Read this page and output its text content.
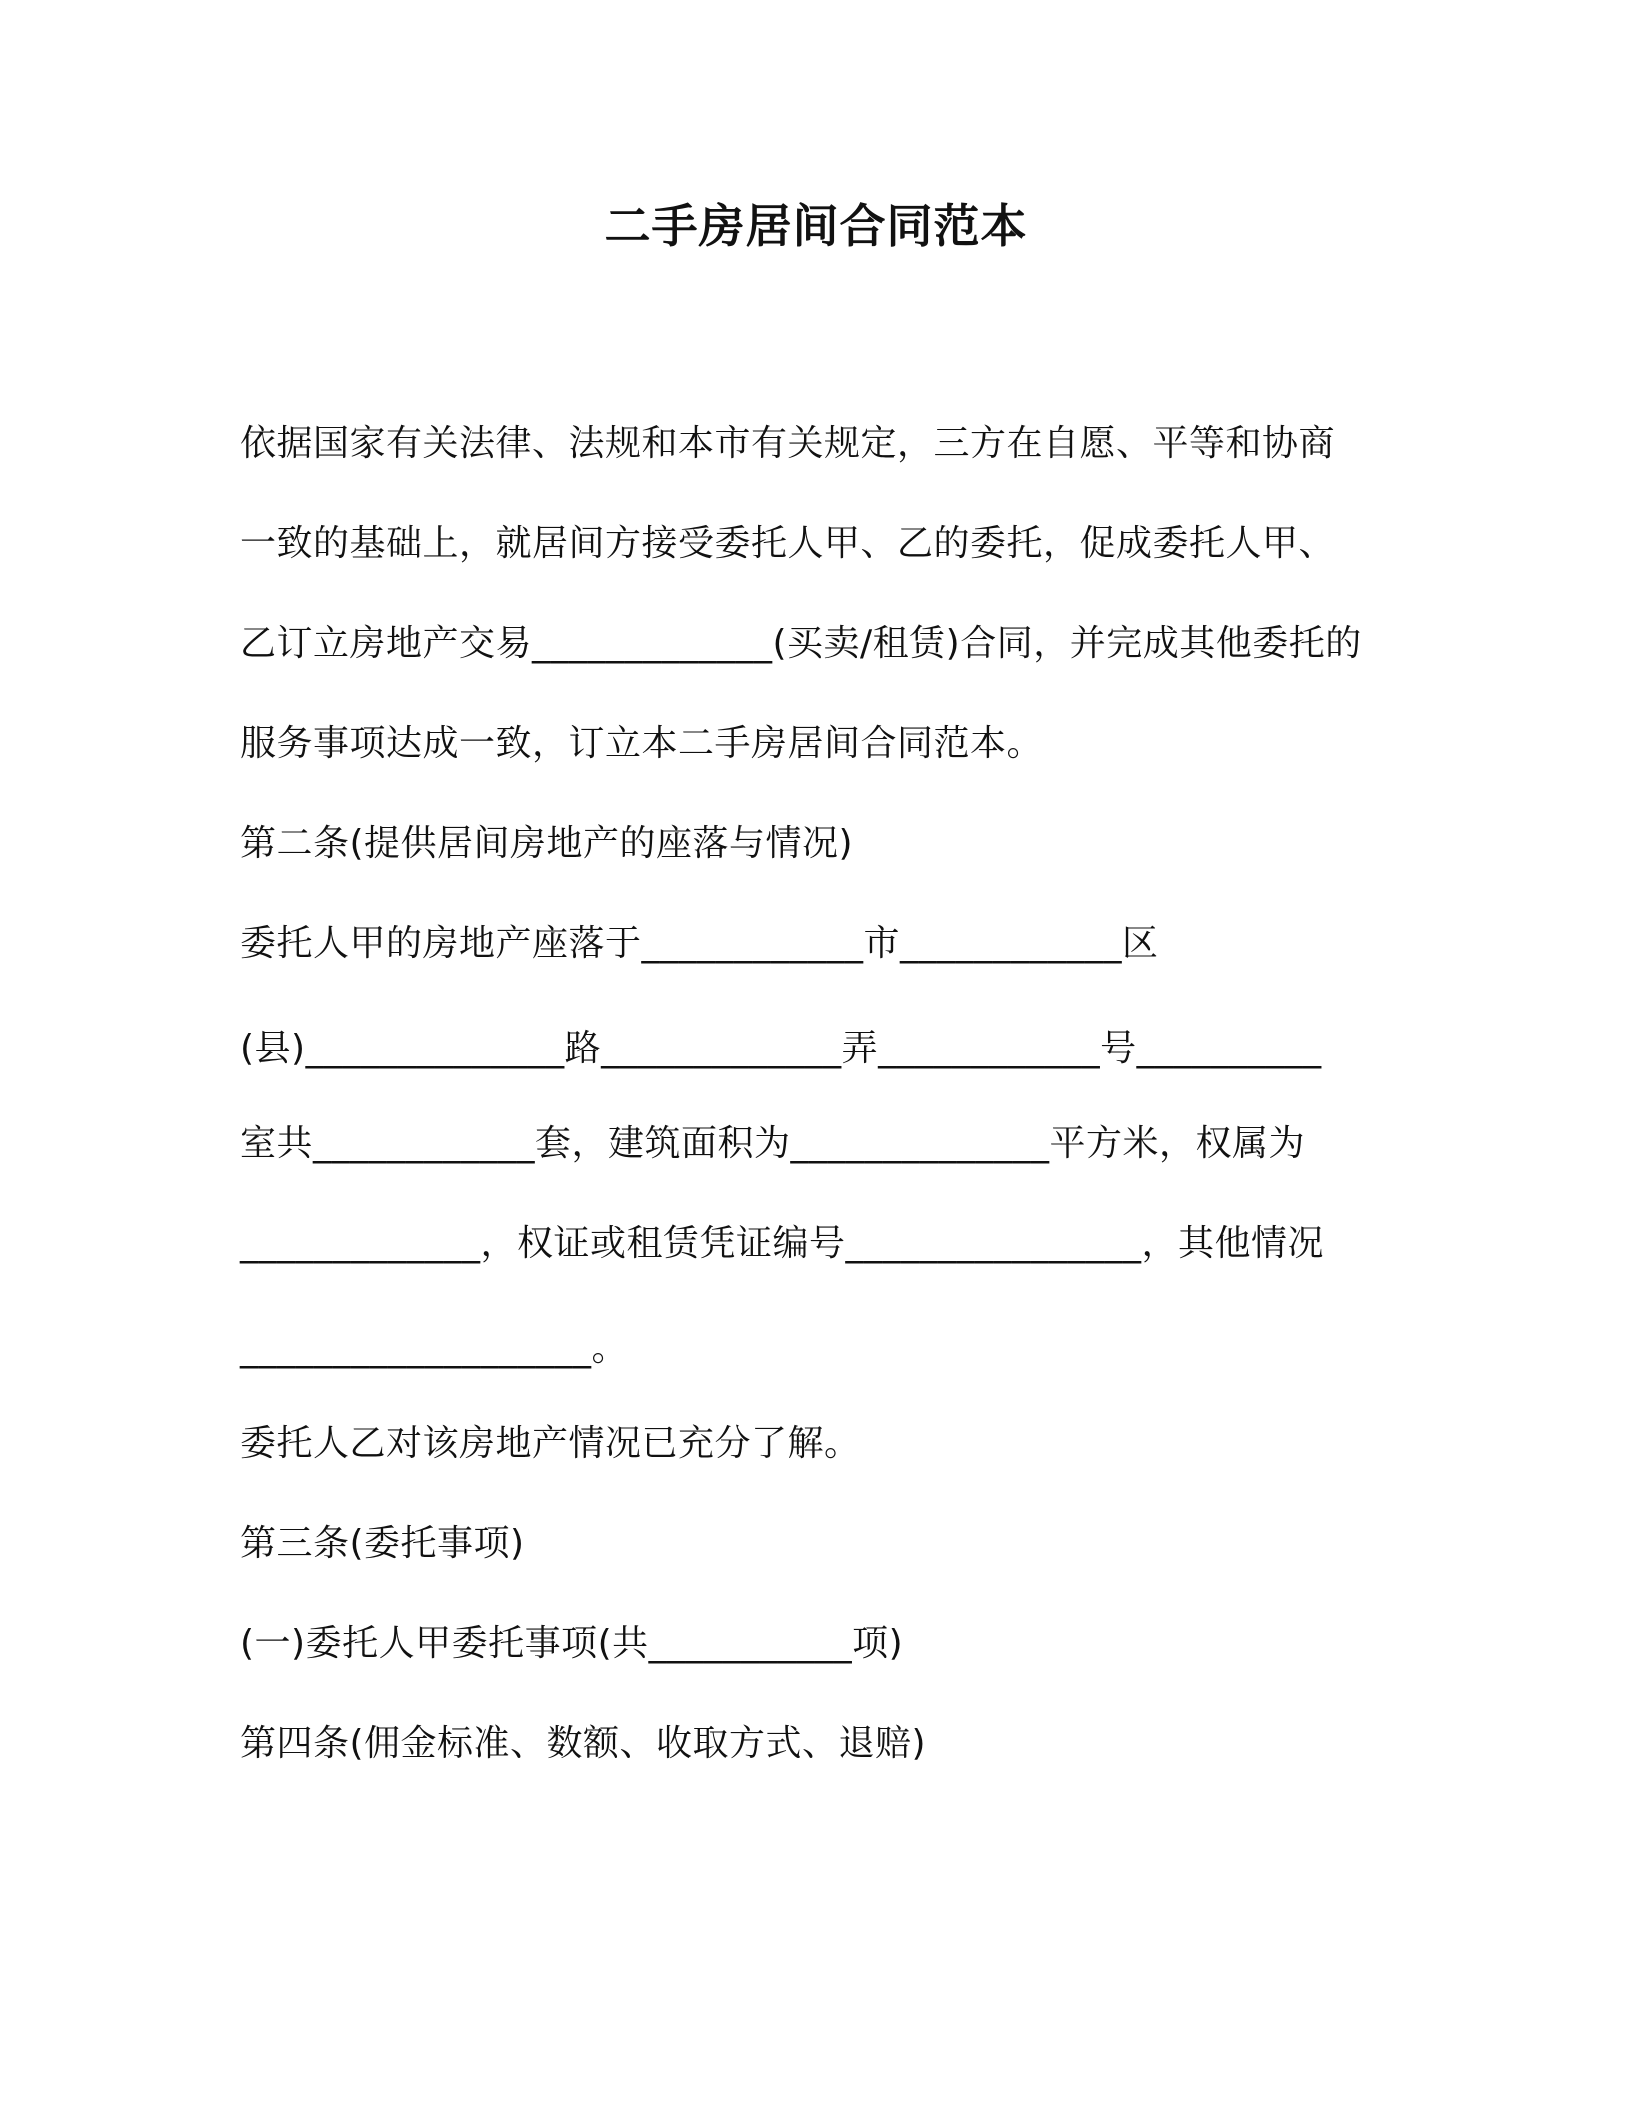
二手房居间合同范本
依据国家有关法律、法规和本市有关规定，三方在自愿、平等和协商
一致的基础上，就居间方接受委托人甲、乙的委托，促成委托人甲、
乙订立房地产交易_____________(买卖/租赁)合同，并完成其他委托的
服务事项达成一致，订立本二手房居间合同范本。
第二条(提供居间房地产的座落与情况)
委托人甲的房地产座落于____________市____________区
(县)______________路_____________弄____________号__________
室共____________套，建筑面积为______________平方米，权属为
_____________，权证或租赁凭证编号________________，其他情况
___________________。
委托人乙对该房地产情况已充分了解。
第三条(委托事项)
(一)委托人甲委托事项(共___________项)
第四条(佣金标准、数额、收取方式、退赔)
